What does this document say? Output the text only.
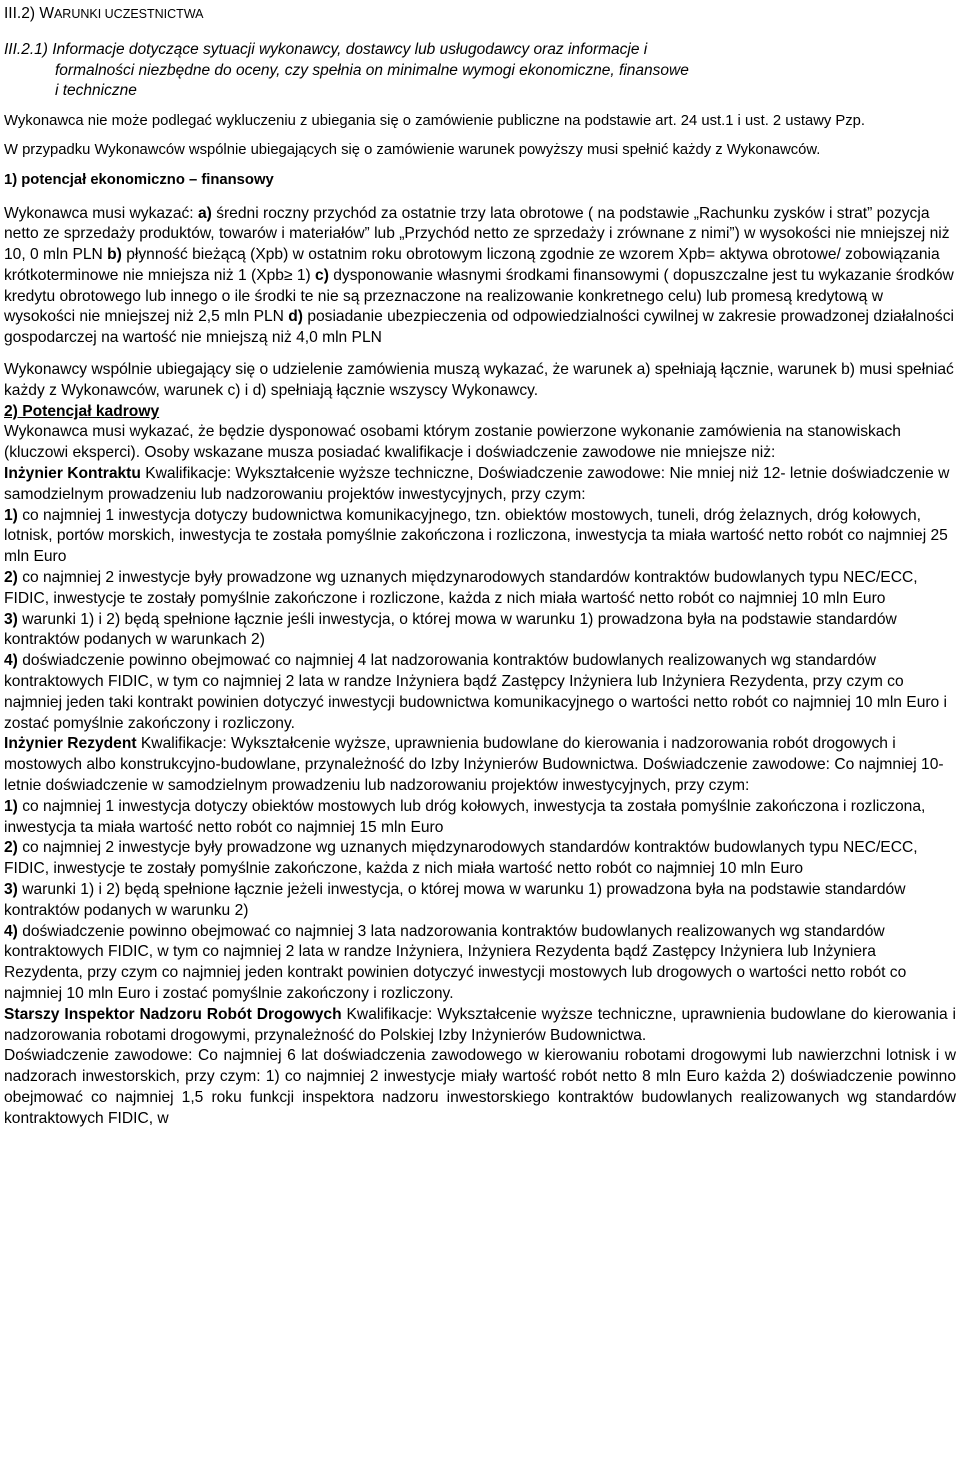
III.2) WARUNKI UCZESTNICTWA
III.2.1) Informacje dotyczące sytuacji wykonawcy, dostawcy lub usługodawcy oraz informacje i
formalności niezbędne do oceny, czy spełnia on minimalne wymogi ekonomiczne, finansowe
i techniczne

Wykonawca nie może podlegać wykluczeniu z ubiegania się o zamówienie publiczne na podstawie art. 24 ust.1 i ust. 2 ustawy Pzp.

W przypadku Wykonawców wspólnie ubiegających się o zamówienie warunek powyższy musi spełnić każdy z Wykonawców.

1) potencjał ekonomiczno – finansowy

Wykonawca musi wykazać: a) średni roczny przychód za ostatnie trzy lata obrotowe ( na podstawie „Rachunku zysków i strat” pozycja netto ze sprzedaży produktów, towarów i materiałów” lub „Przychód netto ze sprzedaży i zrównane z nimi”) w wysokości nie mniejszej niż 10, 0 mln PLN b) płynność bieżącą (Xpb) w ostatnim roku obrotowym liczoną zgodnie ze wzorem Xpb= aktywa obrotowe/ zobowiązania krótkoterminowe nie mniejsza niż 1 (Xpb≥ 1) c) dysponowanie własnymi środkami finansowymi ( dopuszczalne jest tu wykazanie środków kredytu obrotowego lub innego o ile środki te nie są przeznaczone na realizowanie konkretnego celu) lub promesą kredytową w wysokości nie mniejszej niż 2,5 mln PLN d) posiadanie ubezpieczenia od odpowiedzialności cywilnej w zakresie prowadzonej działalności gospodarczej na wartość nie mniejszą niż 4,0 mln PLN

Wykonawcy wspólnie ubiegający się o udzielenie zamówienia muszą wykazać, że warunek a) spełniają łącznie, warunek b) musi spełniać każdy z Wykonawców, warunek c) i d) spełniają łącznie wszyscy Wykonawcy.

2) Potencjał kadrowy

Wykonawca musi wykazać, że będzie dysponować osobami którym zostanie powierzone wykonanie zamówienia na stanowiskach (kluczowi eksperci). Osoby wskazane musza posiadać kwalifikacje i doświadczenie zawodowe nie mniejsze niż:

Inżynier Kontraktu Kwalifikacje: Wykształcenie wyższe techniczne, Doświadczenie zawodowe: Nie mniej niż 12- letnie doświadczenie w samodzielnym prowadzeniu lub nadzorowaniu projektów inwestycyjnych, przy czym:

1) co najmniej 1 inwestycja dotyczy budownictwa komunikacyjnego, tzn. obiektów mostowych, tuneli, dróg żelaznych, dróg kołowych, lotnisk, portów morskich, inwestycja te została pomyślnie zakończona i rozliczona, inwestycja ta miała wartość netto robót co najmniej 25 mln Euro

2) co najmniej 2 inwestycje były prowadzone wg uznanych międzynarodowych standardów kontraktów budowlanych typu NEC/ECC, FIDIC, inwestycje te zostały pomyślnie zakończone i rozliczone, każda z nich miała wartość netto robót co najmniej 10 mln Euro

3) warunki 1) i 2) będą spełnione łącznie jeśli inwestycja, o której mowa w warunku 1) prowadzona była na podstawie standardów kontraktów podanych w warunkach 2)

4) doświadczenie powinno obejmować co najmniej 4 lat nadzorowania kontraktów budowlanych realizowanych wg standardów kontraktowych FIDIC, w tym co najmniej 2 lata w randze Inżyniera bądź Zastępcy Inżyniera lub Inżyniera Rezydenta, przy czym co najmniej jeden taki kontrakt powinien dotyczyć inwestycji budownictwa komunikacyjnego o wartości netto robót co najmniej 10 mln Euro i zostać pomyślnie zakończony i rozliczony.

Inżynier Rezydent Kwalifikacje: Wykształcenie wyższe, uprawnienia budowlane do kierowania i nadzorowania robót drogowych i mostowych albo konstrukcyjno-budowlane, przynależność do Izby Inżynierów Budownictwa. Doświadczenie zawodowe: Co najmniej 10-letnie doświadczenie w samodzielnym prowadzeniu lub nadzorowaniu projektów inwestycyjnych, przy czym:

1) co najmniej 1 inwestycja dotyczy obiektów mostowych lub dróg kołowych, inwestycja ta została pomyślnie zakończona i rozliczona, inwestycja ta miała wartość netto robót co najmniej 15 mln Euro

2) co najmniej 2 inwestycje były prowadzone wg uznanych międzynarodowych standardów kontraktów budowlanych typu NEC/ECC, FIDIC, inwestycje te zostały pomyślnie zakończone, każda z nich miała wartość netto robót co najmniej 10 mln Euro

3) warunki 1) i 2) będą spełnione łącznie jeżeli inwestycja, o której mowa w warunku 1) prowadzona była na podstawie standardów kontraktów podanych w warunku 2)

4) doświadczenie powinno obejmować co najmniej 3 lata nadzorowania kontraktów budowlanych realizowanych wg standardów kontraktowych FIDIC, w tym co najmniej 2 lata w randze Inżyniera, Inżyniera Rezydenta bądź Zastępcy Inżyniera lub Inżyniera Rezydenta, przy czym co najmniej jeden kontrakt powinien dotyczyć inwestycji mostowych lub drogowych o wartości netto robót co najmniej 10 mln Euro i zostać pomyślnie zakończony i rozliczony.

Starszy Inspektor Nadzoru Robót Drogowych Kwalifikacje: Wykształcenie wyższe techniczne, uprawnienia budowlane do kierowania i nadzorowania robotami drogowymi, przynależność do Polskiej Izby Inżynierów Budownictwa.

Doświadczenie zawodowe: Co najmniej 6 lat doświadczenia zawodowego w kierowaniu robotami drogowymi lub nawierzchni lotnisk i w nadzorach inwestorskich, przy czym: 1) co najmniej 2 inwestycje miały wartość robót netto 8 mln Euro każda 2) doświadczenie powinno obejmować co najmniej 1,5 roku funkcji inspektora nadzoru inwestorskiego kontraktów budowlanych realizowanych wg standardów kontraktowych FIDIC, w
